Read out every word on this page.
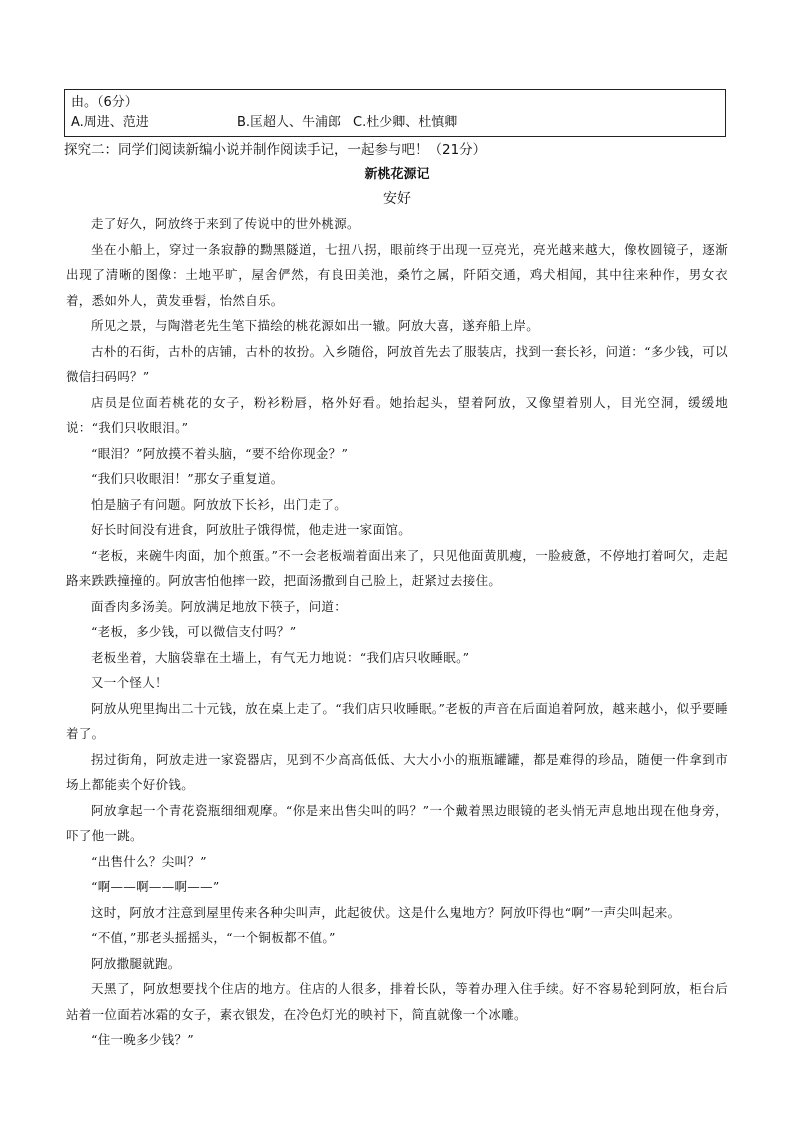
由。（6分）
A.周进、范进	B.匡超人、牛浦郎 C.杜少卿、杜慎卿
探究二：同学们阅读新编小说并制作阅读手记，一起参与吧！（21分）
新桃花源记
安好

走了好久，阿放终于来到了传说中的世外桃源。

坐在小船上，穿过一条寂静的黝黑隧道，七扭八拐，眼前终于出现一豆亮光，亮光越来越大，像枚圆镜子，逐渐出现了清晰的图像：土地平旷，屋舍俨然，有良田美池，桑竹之属，阡陌交通，鸡犬相闻，其中往来种作，男女衣着，悉如外人，黄发垂髫，怡然自乐。

所见之景，与陶潜老先生笔下描绘的桃花源如出一辙。阿放大喜，遂弃船上岸。

古朴的石街，古朴的店铺，古朴的妆扮。入乡随俗，阿放首先去了服装店，找到一套长衫，问道：“多少钱，可以微信扫码吗？”

店员是位面若桃花的女子，粉衫粉唇，格外好看。她抬起头，望着阿放，又像望着别人，目光空洞，缓缓地说：“我们只收眼泪。”

“眼泪？”阿放摸不着头脑，“要不给你现金？”

“我们只收眼泪！”那女子重复道。

怕是脑子有问题。阿放放下长衫，出门走了。

好长时间没有进食，阿放肚子饿得慌，他走进一家面馆。

“老板，来碗牛肉面，加个煎蛋。”不一会老板端着面出来了，只见他面黄肌瘦，一脸疲惫，不停地打着呵欠，走起路来跌跌撞撞的。阿放害怕他摔一跤，把面汤撒到自己脸上，赶紧过去接住。

面香肉多汤美。阿放满足地放下筷子，问道：

“老板，多少钱，可以微信支付吗？”

老板坐着，大脑袋靠在土墙上，有气无力地说：“我们店只收睡眠。”

又一个怪人！

阿放从兜里掏出二十元钱，放在桌上走了。“我们店只收睡眠。”老板的声音在后面追着阿放，越来越小，似乎要睡着了。

拐过街角，阿放走进一家瓷器店，见到不少高高低低、大大小小的瓶瓶罐罐，都是难得的珍品，随便一件拿到市场上都能卖个好价钱。

阿放拿起一个青花瓷瓶细细观摩。“你是来出售尖叫的吗？”一个戴着黑边眼镜的老头悄无声息地出现在他身旁，吓了他一跳。

“出售什么？尖叫？”

“啊——啊——啊——”

这时，阿放才注意到屋里传来各种尖叫声，此起彼伏。这是什么鬼地方？阿放吓得也“啊”一声尖叫起来。

“不值，”那老头摇摇头，“一个铜板都不值。”

阿放撒腿就跑。

天黑了，阿放想要找个住店的地方。住店的人很多，排着长队，等着办理入住手续。好不容易轮到阿放，柜台后站着一位面若冰霜的女子，素衣银发，在冷色灯光的映衬下，简直就像一个冰雕。

“住一晚多少钱？”
